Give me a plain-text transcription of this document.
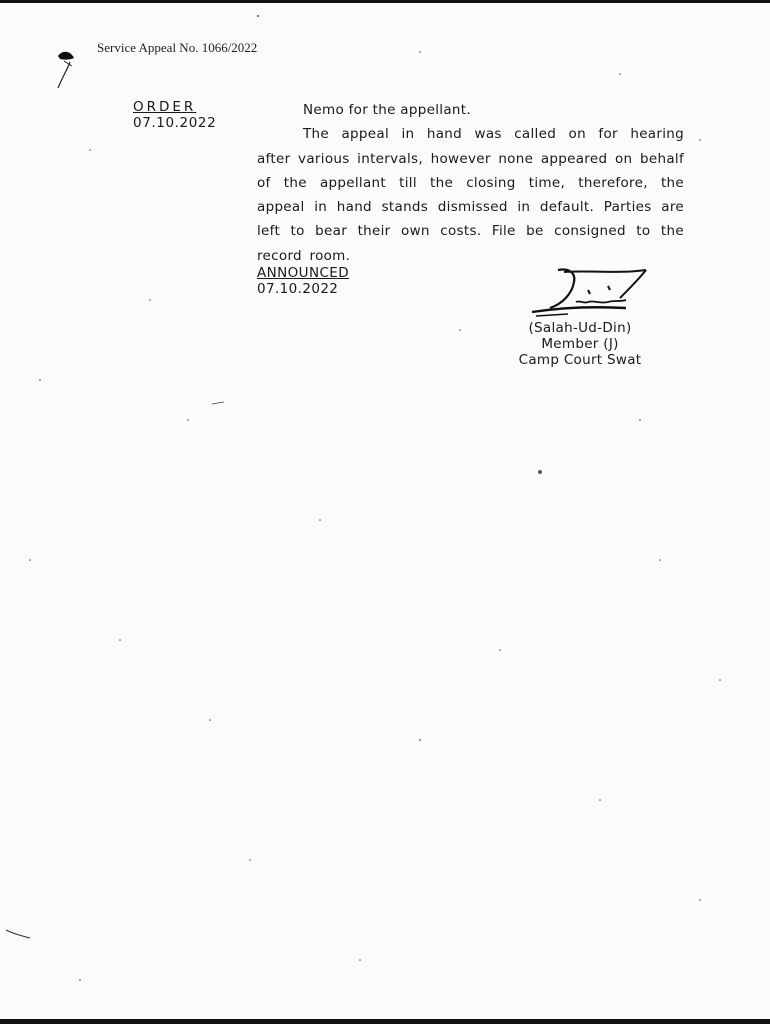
Service Appeal No. 1066/2022
ORDER
07.10.2022

Nemo for the appellant.

The appeal in hand was called on for hearing after various intervals, however none appeared on behalf of the appellant till the closing time, therefore, the appeal in hand stands dismissed in default. Parties are left to bear their own costs. File be consigned to the record room.

ANNOUNCED
07.10.2022
(Salah-Ud-Din)
Member (J)
Camp Court Swat
